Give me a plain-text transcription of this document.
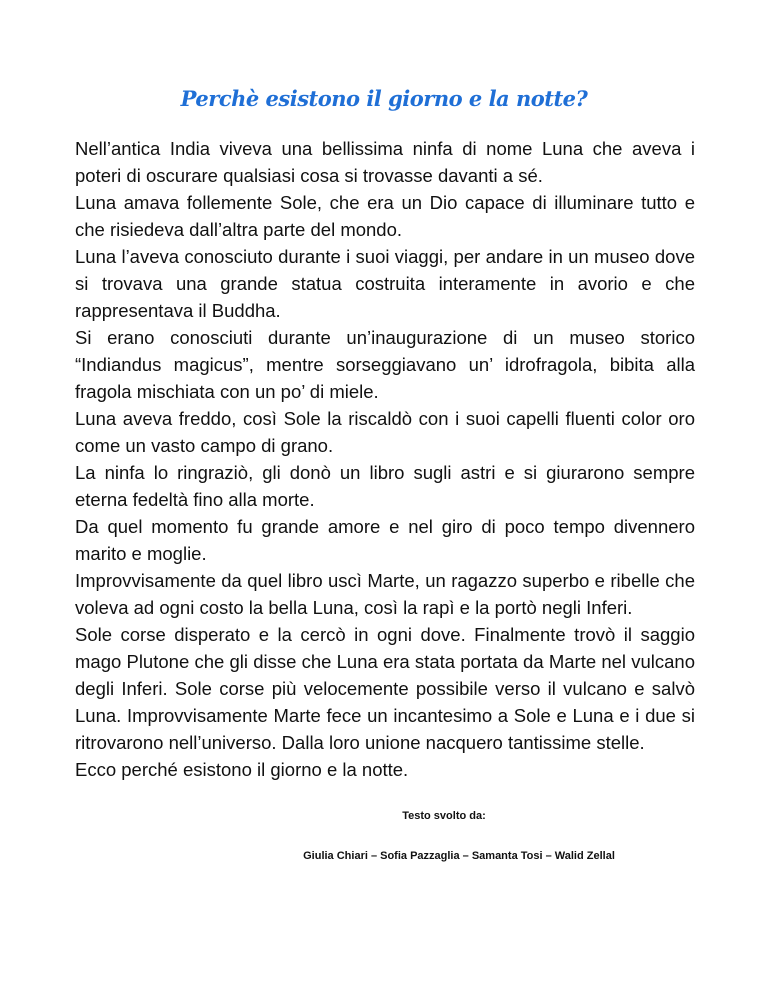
Perchè esistono il giorno e la notte?

Nell’antica India viveva una bellissima ninfa di nome Luna che aveva i poteri di oscurare qualsiasi cosa si trovasse davanti a sé.

Luna amava follemente Sole, che era un Dio capace di illuminare tutto e che risiedeva dall’altra parte del mondo.

Luna l’aveva conosciuto durante i suoi viaggi, per andare in un museo dove si trovava una grande statua costruita interamente in avorio e che rappresentava il Buddha.

Si erano conosciuti durante un’inaugurazione di un museo storico “Indiandus magicus”, mentre sorseggiavano un’ idrofragola, bibita alla fragola mischiata con un po’ di miele.

Luna aveva freddo, così Sole la riscaldò con i suoi capelli fluenti color oro come un vasto campo di grano.

La ninfa lo ringraziò, gli donò un libro sugli astri e si giurarono sempre eterna fedeltà fino alla morte.

Da quel momento fu grande amore e nel giro di poco tempo divennero marito e moglie.

Improvvisamente da quel libro uscì Marte, un ragazzo superbo e ribelle che voleva ad ogni costo la bella Luna, così la rapì e la portò negli Inferi.

Sole corse disperato e la cercò in ogni dove. Finalmente trovò il saggio mago Plutone che gli disse che Luna era stata portata da Marte nel vulcano degli Inferi. Sole corse più velocemente possibile verso il vulcano e salvò Luna. Improvvisamente Marte fece un incantesimo a Sole e Luna e i due si ritrovarono nell’universo. Dalla loro unione nacquero tantissime stelle.

Ecco perché esistono il giorno e la notte.

Testo svolto da:

Giulia Chiari – Sofia Pazzaglia – Samanta Tosi – Walid Zellal
